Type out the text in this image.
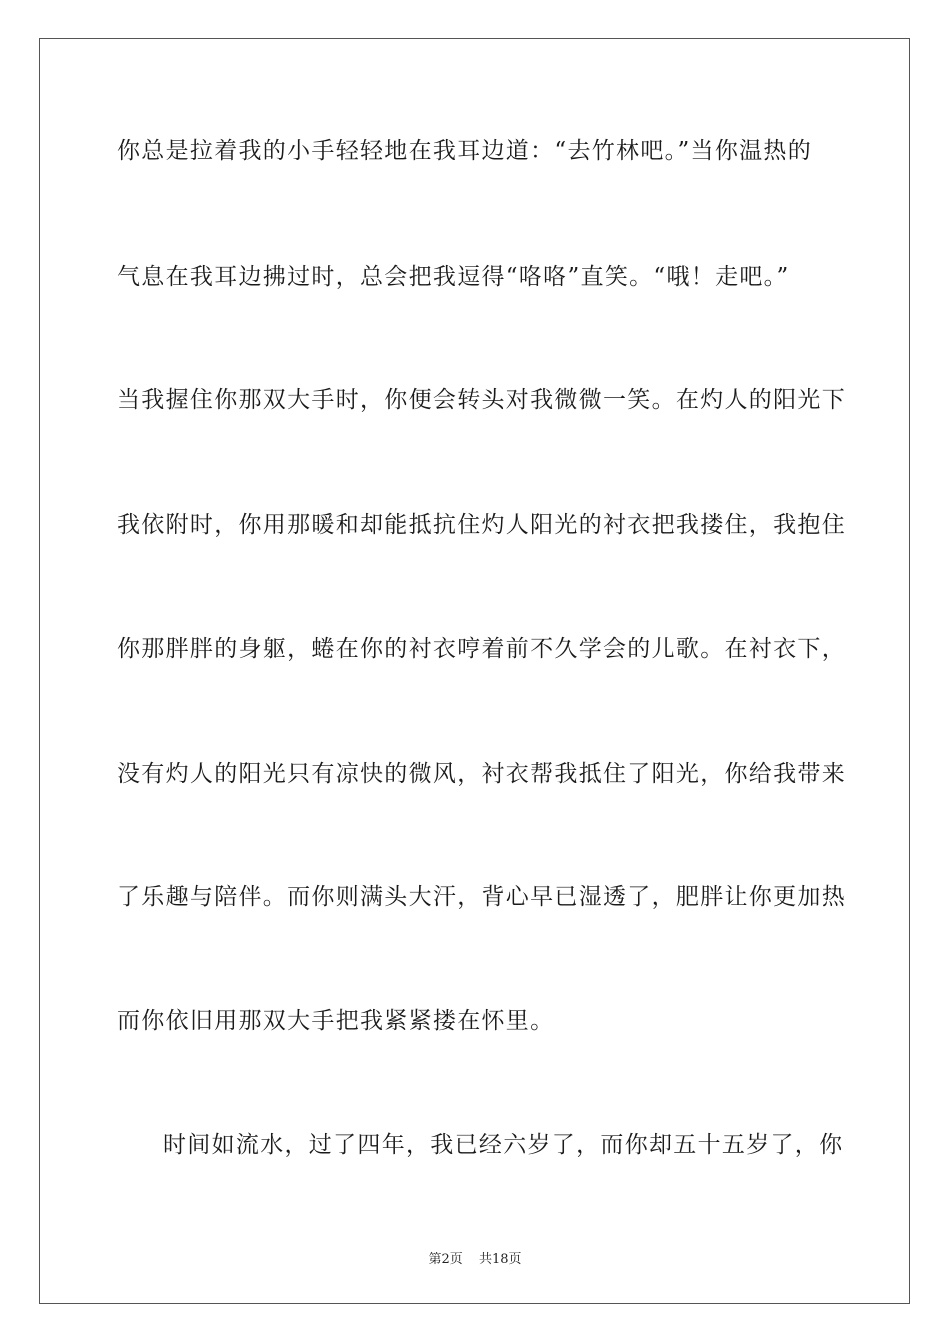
你总是拉着我的小手轻轻地在我耳边道：“去竹林吧。”当你温热的
气息在我耳边拂过时，总会把我逗得“咯咯”直笑。“哦！走吧。”
当我握住你那双大手时，你便会转头对我微微一笑。在灼人的阳光下
我依附时，你用那暖和却能抵抗住灼人阳光的衬衣把我搂住，我抱住
你那胖胖的身躯，蜷在你的衬衣哼着前不久学会的儿歌。在衬衣下，
没有灼人的阳光只有凉快的微风，衬衣帮我抵住了阳光，你给我带来
了乐趣与陪伴。而你则满头大汗，背心早已湿透了，肥胖让你更加热
而你依旧用那双大手把我紧紧搂在怀里。
时间如流水，过了四年，我已经六岁了，而你却五十五岁了，你
第2页 共18页
